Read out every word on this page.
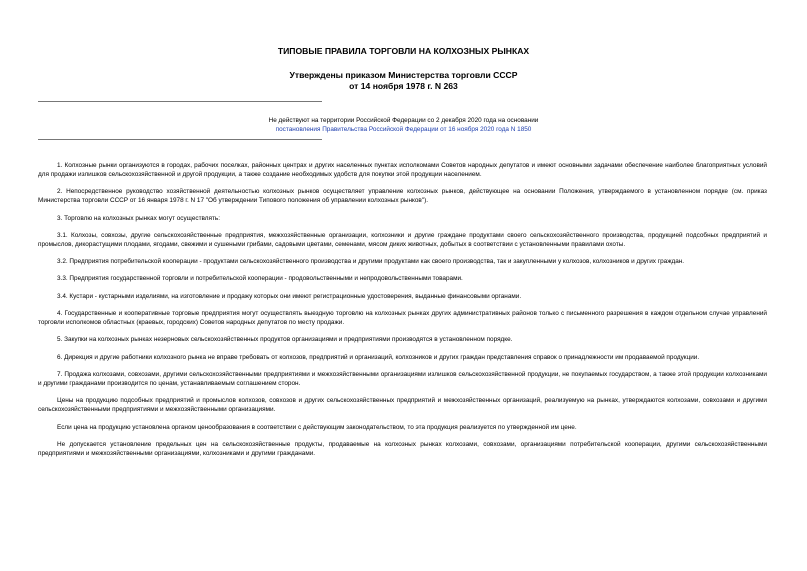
ТИПОВЫЕ ПРАВИЛА ТОРГОВЛИ НА КОЛХОЗНЫХ РЫНКАХ
Утверждены приказом Министерства торговли СССР
от 14 ноября 1978 г. N 263
Не действуют на территории Российской Федерации со 2 декабря 2020 года на основании
постановления Правительства Российской Федерации от 16 ноября 2020 года N 1850

1. Колхозные рынки организуются в городах, рабочих поселках, районных центрах и других населенных пунктах исполкомами Советов народных депутатов и имеют основными задачами обеспечение наиболее благоприятных условий для продажи излишков сельскохозяйственной и другой продукции, а также создание необходимых удобств для покупки этой продукции населением.

2. Непосредственное руководство хозяйственной деятельностью колхозных рынков осуществляет управление колхозных рынков, действующее на основании Положения, утверждаемого в установленном порядке (см. приказ Министерства торговли СССР от 16 января 1978 г. N 17 "Об утверждении Типового положения об управлении колхозных рынков").

3. Торговлю на колхозных рынках могут осуществлять:

3.1. Колхозы, совхозы, другие сельскохозяйственные предприятия, межхозяйственные организации, колхозники и другие граждане продуктами своего сельскохозяйственного производства, продукцией подсобных предприятий и промыслов, дикорастущими плодами, ягодами, свежими и сушеными грибами, садовыми цветами, семенами, мясом диких животных, добытых в соответствии с установленными правилами охоты.

3.2. Предприятия потребительской кооперации - продуктами сельскохозяйственного производства и другими продуктами как своего производства, так и закупленными у колхозов, колхозников и других граждан.

3.3. Предприятия государственной торговли и потребительской кооперации - продовольственными и непродовольственными товарами.

3.4. Кустари - кустарными изделиями, на изготовление и продажу которых они имеют регистрационные удостоверения, выданные финансовыми органами.

4. Государственные и кооперативные торговые предприятия могут осуществлять выездную торговлю на колхозных рынках других административных районов только с письменного разрешения в каждом отдельном случае управлений торговли исполкомов областных (краевых, городских) Советов народных депутатов по месту продажи.

5. Закупки на колхозных рынках незерновых сельскохозяйственных продуктов организациями и предприятиями производятся в установленном порядке.

6. Дирекция и другие работники колхозного рынка не вправе требовать от колхозов, предприятий и организаций, колхозников и других граждан представления справок о принадлежности им продаваемой продукции.

7. Продажа колхозами, совхозами, другими сельскохозяйственными предприятиями и межхозяйственными организациями излишков сельскохозяйственной продукции, не покупаемых государством, а также этой продукции колхозниками и другими гражданами производится по ценам, устанавливаемым соглашением сторон.

Цены на продукцию подсобных предприятий и промыслов колхозов, совхозов и других сельскохозяйственных предприятий и межхозяйственных организаций, реализуемую на рынках, утверждаются колхозами, совхозами и другими сельскохозяйственными предприятиями и межхозяйственными организациями.

Если цена на продукцию установлена органом ценообразования в соответствии с действующим законодательством, то эта продукция реализуется по утвержденной им цене.

Не допускается установление предельных цен на сельскохозяйственные продукты, продаваемые на колхозных рынках колхозами, совхозами, организациями потребительской кооперации, другими сельскохозяйственными предприятиями и межхозяйственными организациями, колхозниками и другими гражданами.
